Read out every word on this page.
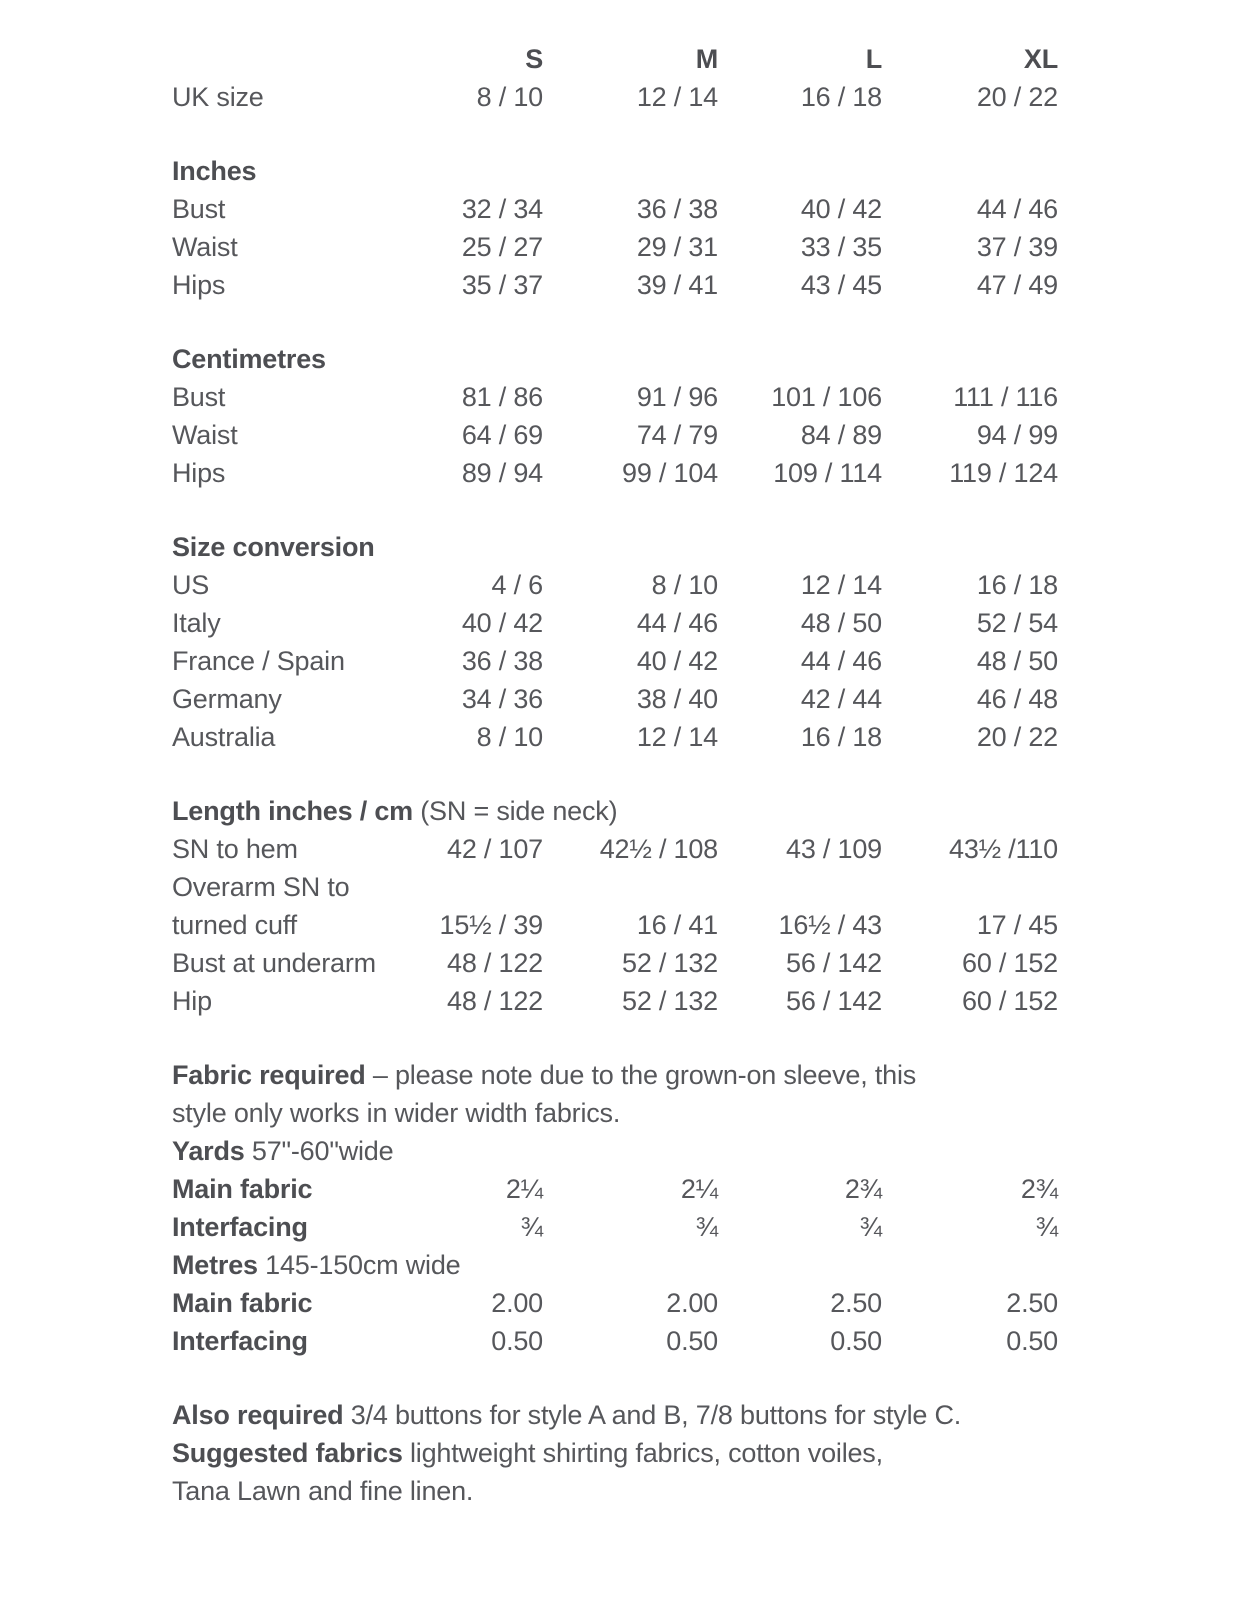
S	M	L	XL
UK size	8 / 10	12 / 14	16 / 18	20 / 22
Inches
Bust	32 / 34	36 / 38	40 / 42	44 / 46
Waist	25 / 27	29 / 31	33 / 35	37 / 39
Hips	35 / 37	39 / 41	43 / 45	47 / 49
Centimetres
Bust	81 / 86	91 / 96	101 / 106	111 / 116
Waist	64 / 69	74 / 79	84 / 89	94 / 99
Hips	89 / 94	99 / 104	109 / 114	119 / 124
Size conversion
US	4 / 6	8 / 10	12 / 14	16 / 18
Italy	40 / 42	44 / 46	48 / 50	52 / 54
France / Spain	36 / 38	40 / 42	44 / 46	48 / 50
Germany	34 / 36	38 / 40	42 / 44	46 / 48
Australia	8 / 10	12 / 14	16 / 18	20 / 22
Length inches / cm (SN = side neck)
SN to hem	42 / 107	42½ / 108	43 / 109	43½ /110
Overarm SN to
turned cuff	15½ / 39	16 / 41	16½ / 43	17 / 45
Bust at underarm	48 / 122	52 / 132	56 / 142	60 / 152
Hip	48 / 122	52 / 132	56 / 142	60 / 152
Fabric required – please note due to the grown-on sleeve, this
style only works in wider width fabrics.
Yards 57"-60"wide
Main fabric	2¼	2¼	2¾	2¾
Interfacing	¾	¾	¾	¾
Metres 145-150cm wide
Main fabric	2.00	2.00	2.50	2.50
Interfacing	0.50	0.50	0.50	0.50
Also required 3/4 buttons for style A and B, 7/8 buttons for style C.
Suggested fabrics lightweight shirting fabrics, cotton voiles,
Tana Lawn and fine linen.
